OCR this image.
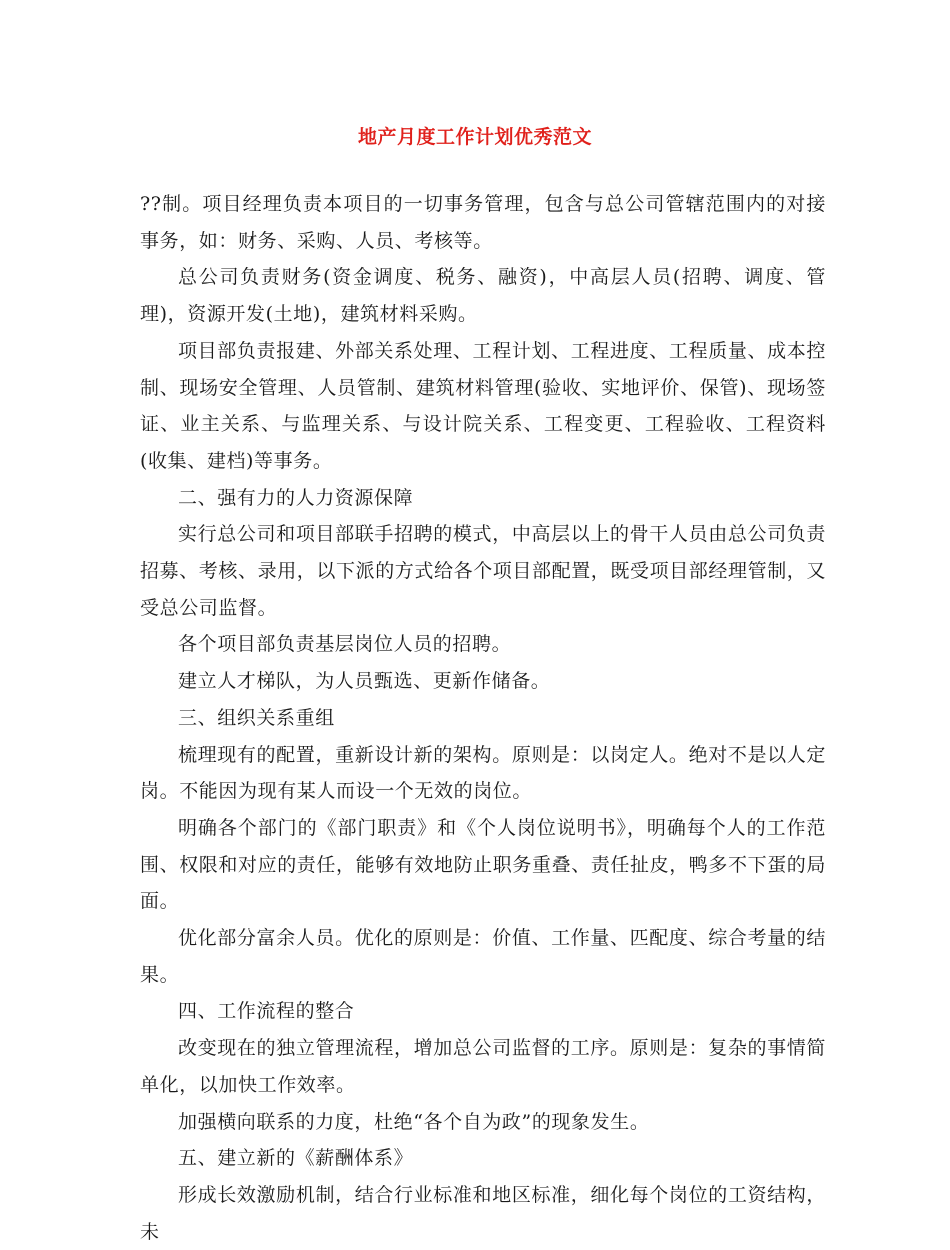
地产月度工作计划优秀范文

??制。项目经理负责本项目的一切事务管理，包含与总公司管辖范围内的对接事务，如：财务、采购、人员、考核等。

总公司负责财务(资金调度、税务、融资)，中高层人员(招聘、调度、管理)，资源开发(土地)，建筑材料采购。

项目部负责报建、外部关系处理、工程计划、工程进度、工程质量、成本控制、现场安全管理、人员管制、建筑材料管理(验收、实地评价、保管)、现场签证、业主关系、与监理关系、与设计院关系、工程变更、工程验收、工程资料(收集、建档)等事务。

二、强有力的人力资源保障

实行总公司和项目部联手招聘的模式，中高层以上的骨干人员由总公司负责招募、考核、录用，以下派的方式给各个项目部配置，既受项目部经理管制，又受总公司监督。

各个项目部负责基层岗位人员的招聘。

建立人才梯队，为人员甄选、更新作储备。

三、组织关系重组

梳理现有的配置，重新设计新的架构。原则是：以岗定人。绝对不是以人定岗。不能因为现有某人而设一个无效的岗位。

明确各个部门的《部门职责》和《个人岗位说明书》，明确每个人的工作范围、权限和对应的责任，能够有效地防止职务重叠、责任扯皮，鸭多不下蛋的局面。

优化部分富余人员。优化的原则是：价值、工作量、匹配度、综合考量的结果。

四、工作流程的整合

改变现在的独立管理流程，增加总公司监督的工序。原则是：复杂的事情简单化，以加快工作效率。

加强横向联系的力度，杜绝“各个自为政”的现象发生。

五、建立新的《薪酬体系》

形成长效激励机制，结合行业标准和地区标准，细化每个岗位的工资结构，未
